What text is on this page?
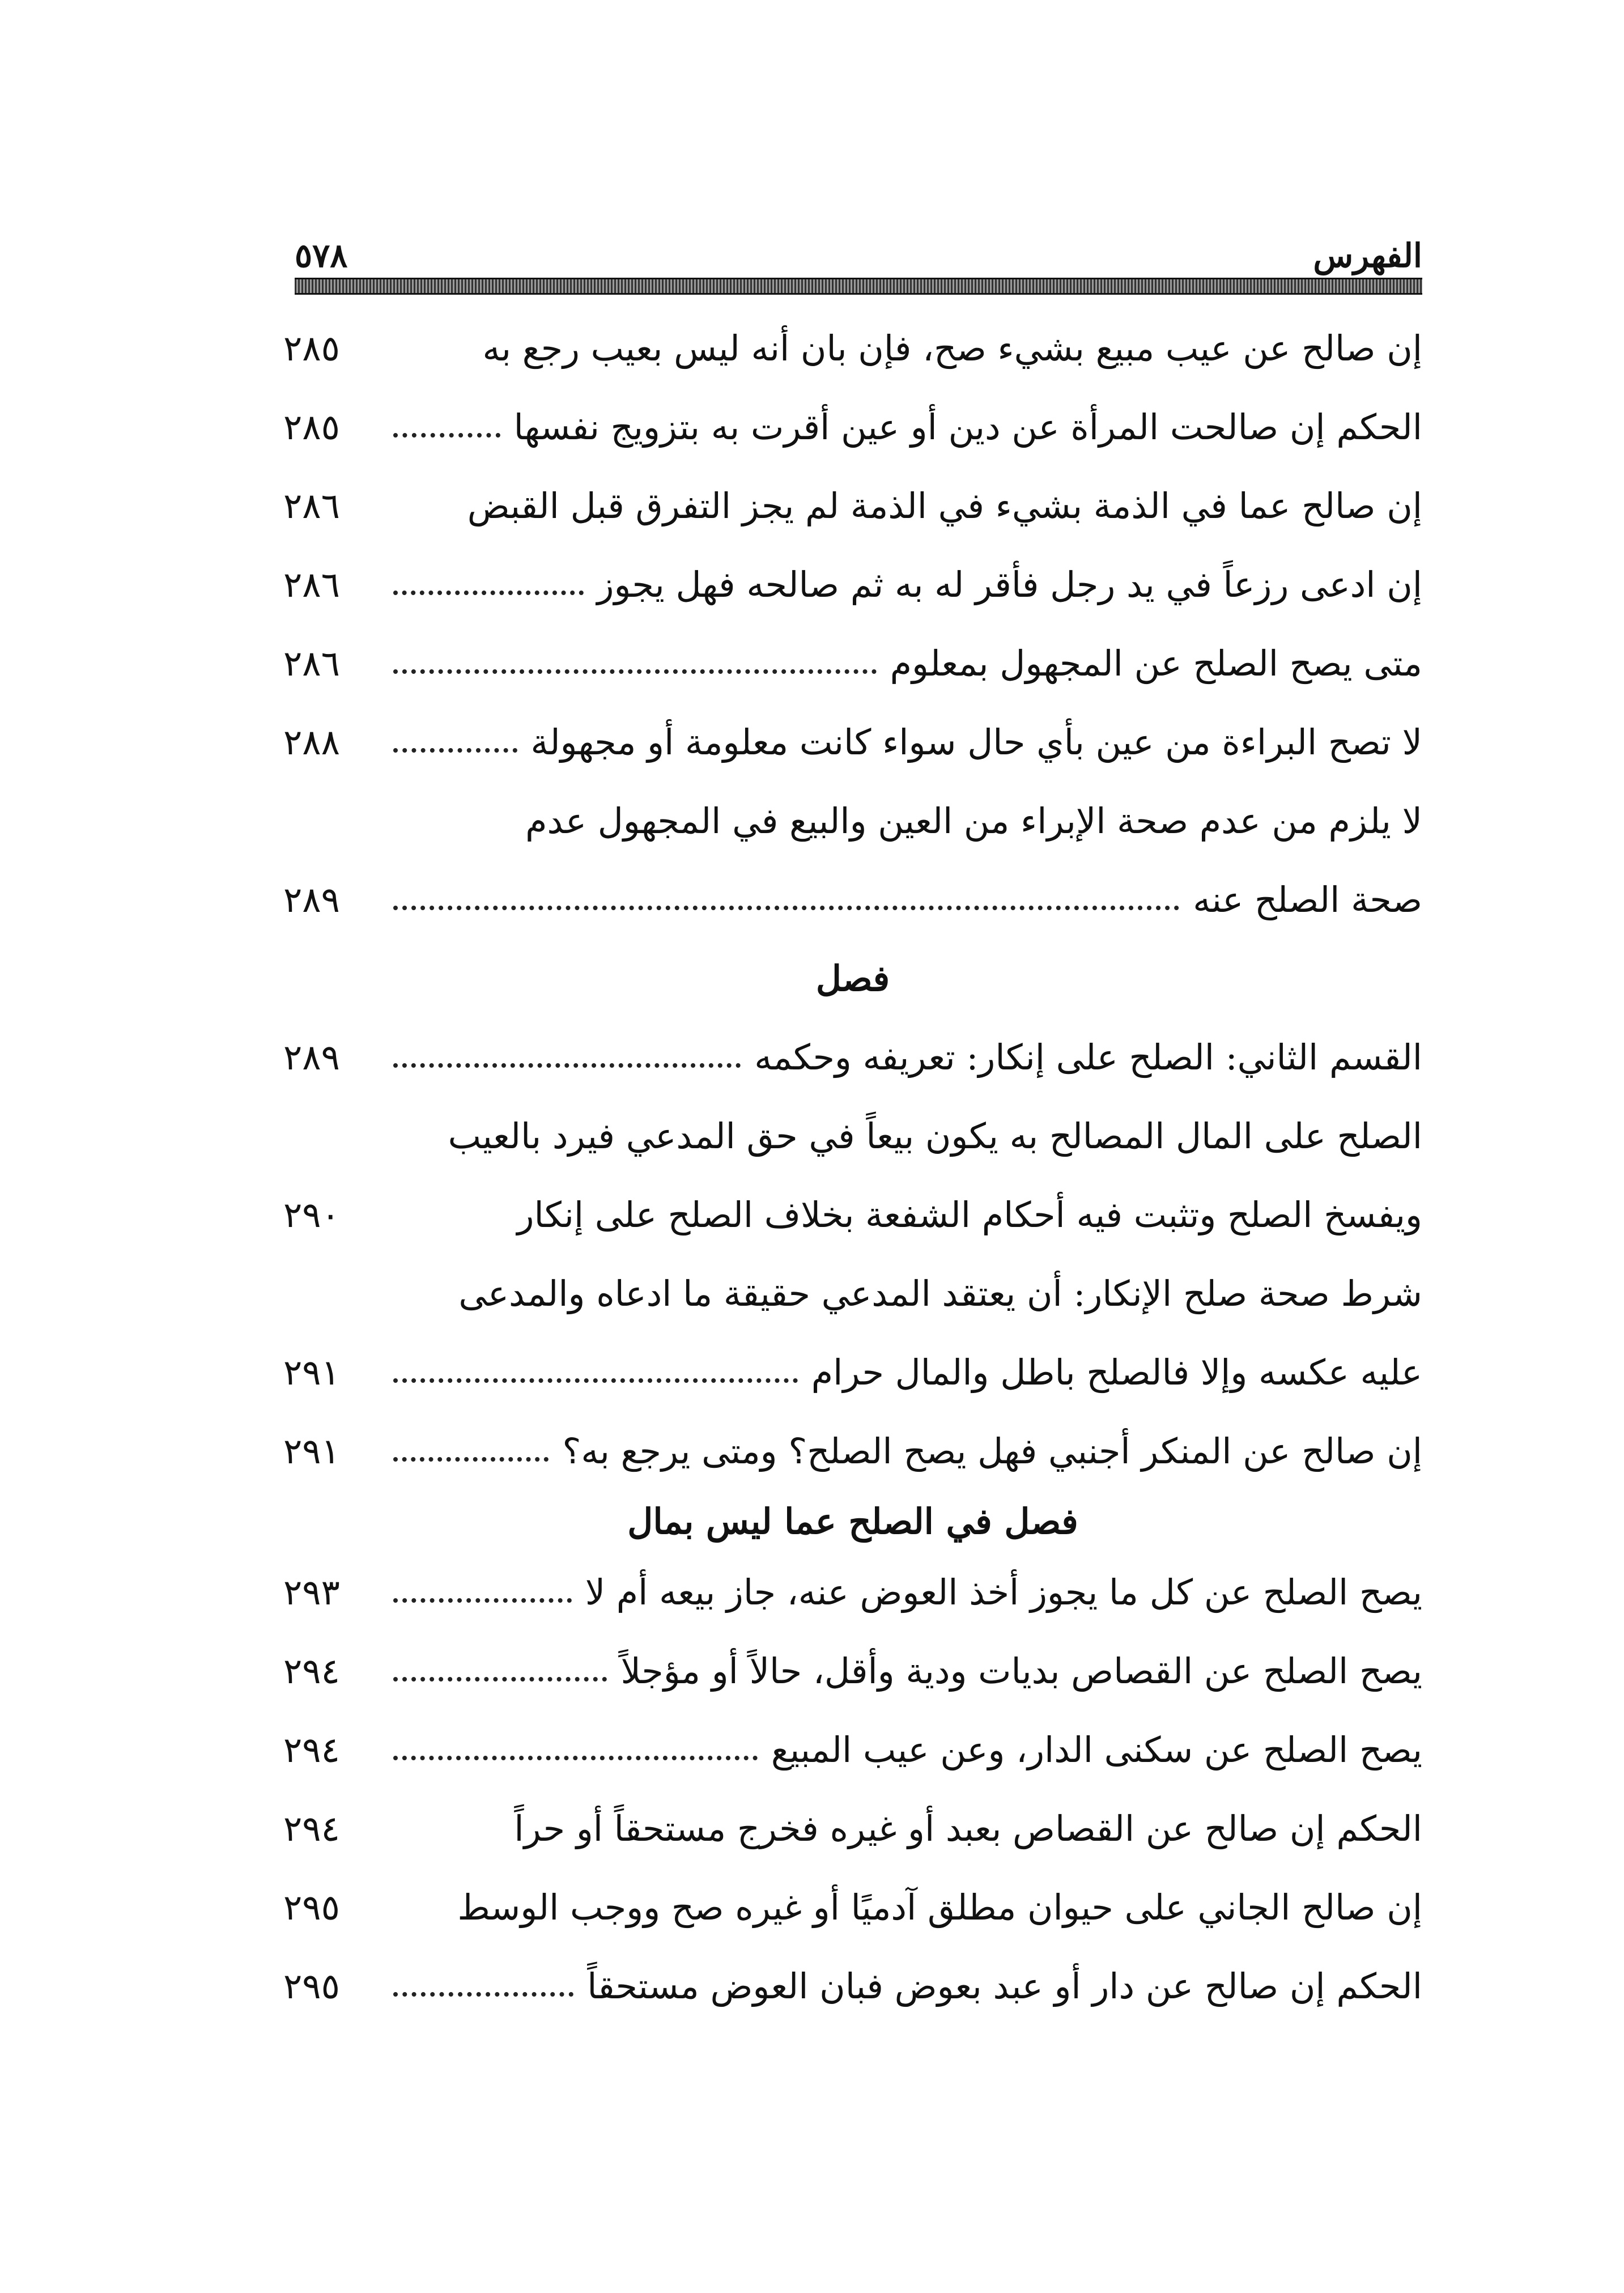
الفهرس
٥٧٨
إن صالح عن عيب مبيع بشيء صح، فإن بان أنه ليس بعيب رجع به
٢٨٥
الحكم إن صالحت المرأة عن دين أو عين أقرت به بتزويج نفسها
٢٨٥
إن صالح عما في الذمة بشيء في الذمة لم يجز التفرق قبل القبض
٢٨٦
إن ادعى رزعاً في يد رجل فأقر له به ثم صالحه فهل يجوز
٢٨٦
متى يصح الصلح عن المجهول بمعلوم
٢٨٦
لا تصح البراءة من عين بأي حال سواء كانت معلومة أو مجهولة
٢٨٨
لا يلزم من عدم صحة الإبراء من العين والبيع في المجهول عدم
صحة الصلح عنه
٢٨٩
فصل
القسم الثاني: الصلح على إنكار: تعريفه وحكمه
٢٨٩
الصلح على المال المصالح به يكون بيعاً في حق المدعي فيرد بالعيب
ويفسخ الصلح وتثبت فيه أحكام الشفعة بخلاف الصلح على إنكار
٢٩٠
شرط صحة صلح الإنكار: أن يعتقد المدعي حقيقة ما ادعاه والمدعى
عليه عكسه وإلا فالصلح باطل والمال حرام
٢٩١
إن صالح عن المنكر أجنبي فهل يصح الصلح؟ ومتى يرجع به؟
٢٩١
فصل في الصلح عما ليس بمال
يصح الصلح عن كل ما يجوز أخذ العوض عنه، جاز بيعه أم لا
٢٩٣
يصح الصلح عن القصاص بديات ودية وأقل، حالاً أو مؤجلاً
٢٩٤
يصح الصلح عن سكنى الدار، وعن عيب المبيع
٢٩٤
الحكم إن صالح عن القصاص بعبد أو غيره فخرج مستحقاً أو حراً
٢٩٤
إن صالح الجاني على حيوان مطلق آدميًا أو غيره صح ووجب الوسط
٢٩٥
الحكم إن صالح عن دار أو عبد بعوض فبان العوض مستحقاً
٢٩٥
